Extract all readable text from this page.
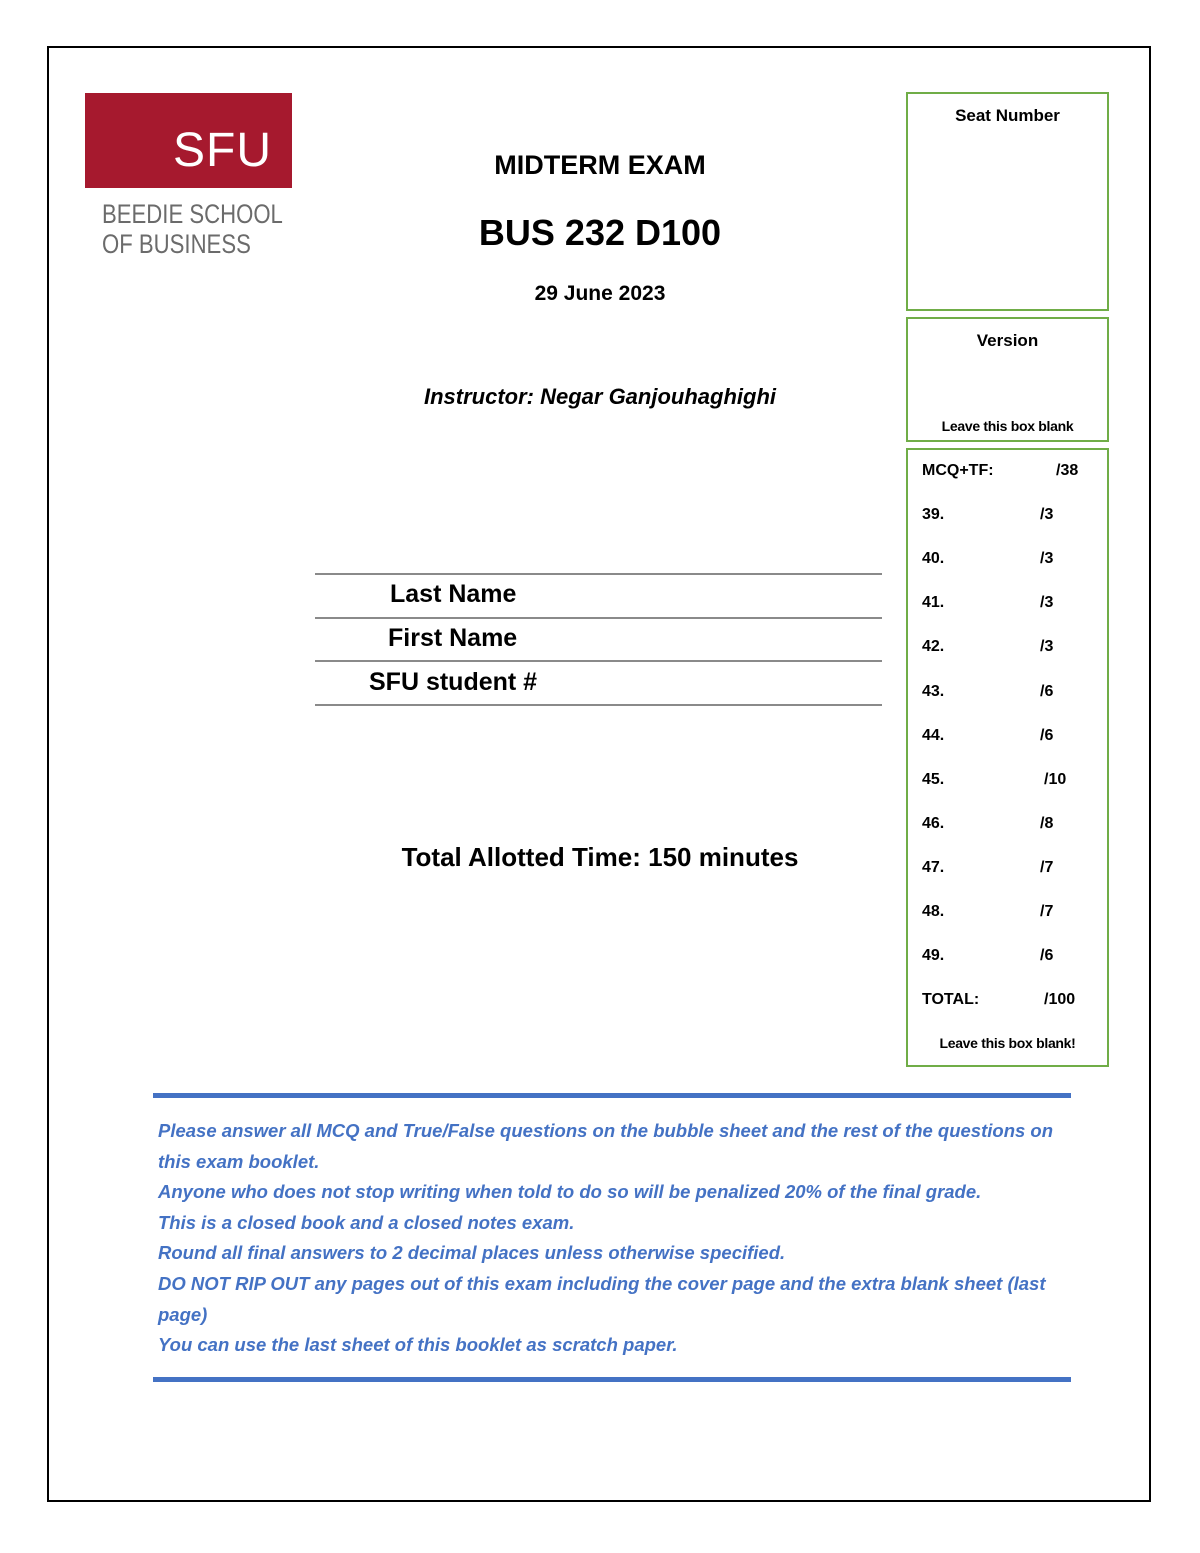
SFU
BEEDIE SCHOOL
OF BUSINESS
MIDTERM EXAM
BUS 232 D100
29 June 2023
Instructor: Negar Ganjouhaghighi
Last Name
First Name
SFU student #
Total Allotted Time: 150 minutes
Seat Number
Version
Leave this box blank
Leave this box blank!
MCQ+TF:	/38
39.	/3
40.	/3
41.	/3
42.	/3
43.	/6
44.	/6
45.	/10
46.	/8
47.	/7
48.	/7
49.	/6
TOTAL:	/100
Please answer all MCQ and True/False questions on the bubble sheet and the rest of the questions on this exam booklet.
Anyone who does not stop writing when told to do so will be penalized 20% of the final grade.
This is a closed book and a closed notes exam.
Round all final answers to 2 decimal places unless otherwise specified.
DO NOT RIP OUT any pages out of this exam including the cover page and the extra blank sheet (last page)
You can use the last sheet of this booklet as scratch paper.
